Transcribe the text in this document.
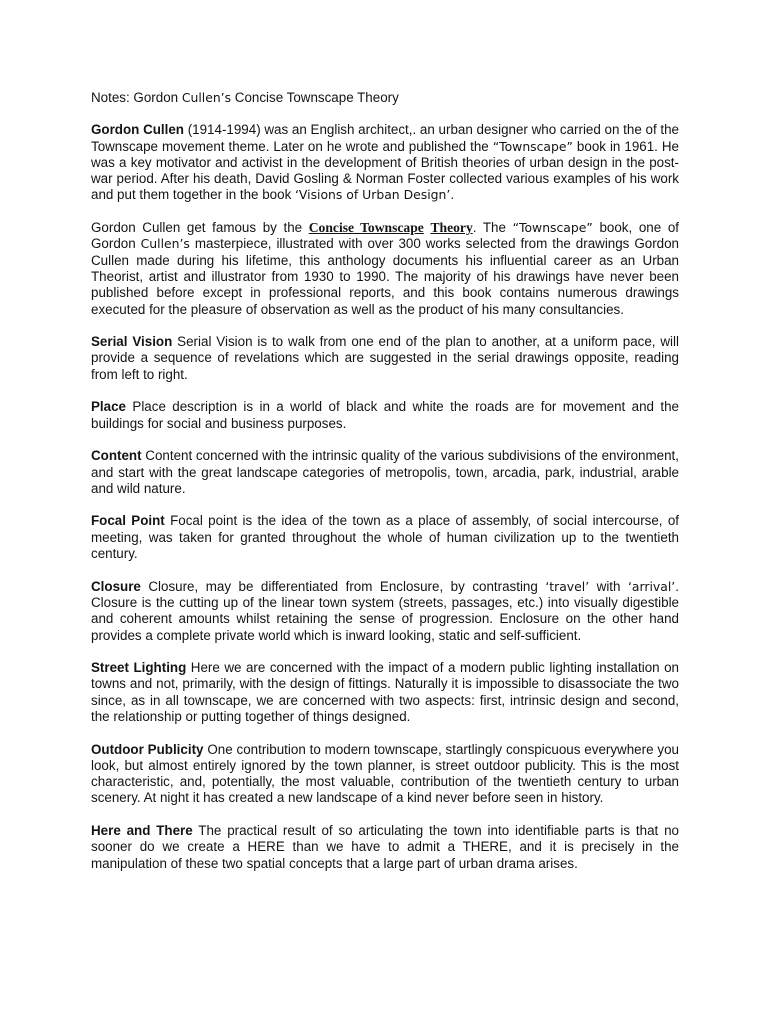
Notes: Gordon Cullen’s Concise Townscape Theory

Gordon Cullen (1914-1994) was an English architect,. an urban designer who carried on the of the Townscape movement theme. Later on he wrote and published the “Townscape” book in 1961. He was a key motivator and activist in the development of British theories of urban design in the post-war period. After his death, David Gosling & Norman Foster collected various examples of his work and put them together in the book ‘Visions of Urban Design’.

Gordon Cullen get famous by the Concise Townscape Theory. The “Townscape” book, one of Gordon Cullen’s masterpiece, illustrated with over 300 works selected from the drawings Gordon Cullen made during his lifetime, this anthology documents his influential career as an Urban Theorist, artist and illustrator from 1930 to 1990. The majority of his drawings have never been published before except in professional reports, and this book contains numerous drawings executed for the pleasure of observation as well as the product of his many consultancies.

Serial Vision Serial Vision is to walk from one end of the plan to another, at a uniform pace, will provide a sequence of revelations which are suggested in the serial drawings opposite, reading from left to right.

Place Place description is in a world of black and white the roads are for movement and the buildings for social and business purposes.

Content Content concerned with the intrinsic quality of the various subdivisions of the environment, and start with the great landscape categories of metropolis, town, arcadia, park, industrial, arable and wild nature.

Focal Point Focal point is the idea of the town as a place of assembly, of social intercourse, of meeting, was taken for granted throughout the whole of human civilization up to the twentieth century.

Closure Closure, may be differentiated from Enclosure, by contrasting ‘travel’ with ‘arrival’. Closure is the cutting up of the linear town system (streets, passages, etc.) into visually digestible and coherent amounts whilst retaining the sense of progression. Enclosure on the other hand provides a complete private world which is inward looking, static and self-sufficient.

Street Lighting Here we are concerned with the impact of a modern public lighting installation on towns and not, primarily, with the design of fittings. Naturally it is impossible to disassociate the two since, as in all townscape, we are concerned with two aspects: first, intrinsic design and second, the relationship or putting together of things designed.

Outdoor Publicity One contribution to modern townscape, startlingly conspicuous everywhere you look, but almost entirely ignored by the town planner, is street outdoor publicity. This is the most characteristic, and, potentially, the most valuable, contribution of the twentieth century to urban scenery. At night it has created a new landscape of a kind never before seen in history.

Here and There The practical result of so articulating the town into identifiable parts is that no sooner do we create a HERE than we have to admit a THERE, and it is precisely in the manipulation of these two spatial concepts that a large part of urban drama arises.
